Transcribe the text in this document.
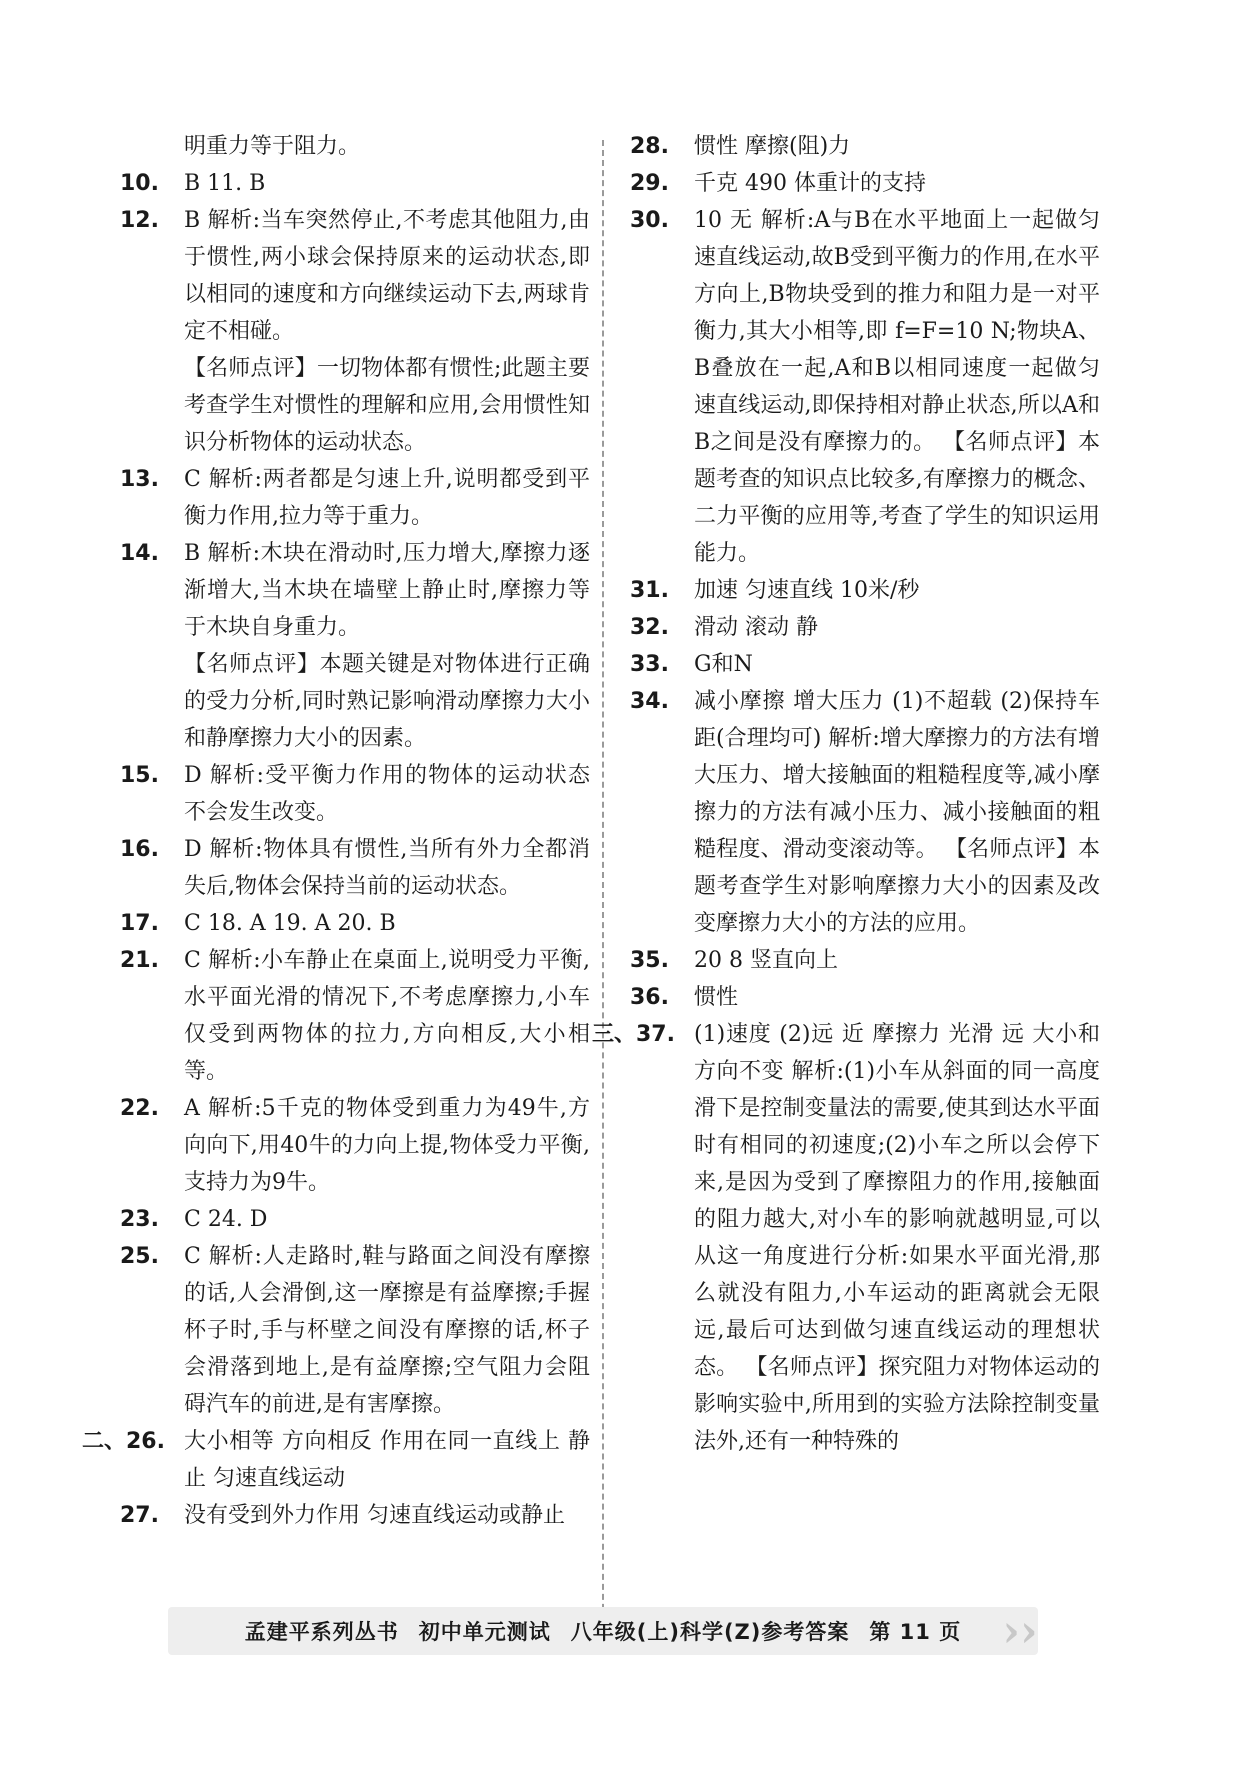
明重力等于阻力。
10.	B 11. B
12.	B 解析:当车突然停止,不考虑其他阻力,由于惯性,两小球会保持原来的运动状态,即以相同的速度和方向继续运动下去,两球肯定不相碰。
【名师点评】一切物体都有惯性;此题主要考查学生对惯性的理解和应用,会用惯性知识分析物体的运动状态。
13.	C 解析:两者都是匀速上升,说明都受到平衡力作用,拉力等于重力。
14.	B 解析:木块在滑动时,压力增大,摩擦力逐渐增大,当木块在墙壁上静止时,摩擦力等于木块自身重力。
【名师点评】本题关键是对物体进行正确的受力分析,同时熟记影响滑动摩擦力大小和静摩擦力大小的因素。
15.	D 解析:受平衡力作用的物体的运动状态不会发生改变。
16.	D 解析:物体具有惯性,当所有外力全都消失后,物体会保持当前的运动状态。
17.	C 18. A 19. A 20. B
21.	C 解析:小车静止在桌面上,说明受力平衡,水平面光滑的情况下,不考虑摩擦力,小车仅受到两物体的拉力,方向相反,大小相等。
22.	A 解析:5千克的物体受到重力为49牛,方向向下,用40牛的力向上提,物体受力平衡,支持力为9牛。
23.	C 24. D
25.	C 解析:人走路时,鞋与路面之间没有摩擦的话,人会滑倒,这一摩擦是有益摩擦;手握杯子时,手与杯壁之间没有摩擦的话,杯子会滑落到地上,是有益摩擦;空气阻力会阻碍汽车的前进,是有害摩擦。
二、26. 大小相等 方向相反 作用在同一直线上 静止 匀速直线运动
27.	没有受到外力作用 匀速直线运动或静止
28.	惯性 摩擦(阻)力
29.	千克 490 体重计的支持
30.	10 无 解析:A与B在水平地面上一起做匀速直线运动,故B受到平衡力的作用,在水平方向上,B物块受到的推力和阻力是一对平衡力,其大小相等,即 f=F=10 N;物块A、B叠放在一起,A和B以相同速度一起做匀速直线运动,即保持相对静止状态,所以A和B之间是没有摩擦力的。 【名师点评】本题考查的知识点比较多,有摩擦力的概念、二力平衡的应用等,考查了学生的知识运用能力。
31.	加速 匀速直线 10米/秒
32.	滑动 滚动 静
33.	G和N
34.	减小摩擦 增大压力 (1)不超载 (2)保持车距(合理均可) 解析:增大摩擦力的方法有增大压力、增大接触面的粗糙程度等,减小摩擦力的方法有减小压力、减小接触面的粗糙程度、滑动变滚动等。 【名师点评】本题考查学生对影响摩擦力大小的因素及改变摩擦力大小的方法的应用。
35.	20 8 竖直向上
36.	惯性
三、37. (1)速度 (2)远 近 摩擦力 光滑 远 大小和方向不变 解析:(1)小车从斜面的同一高度滑下是控制变量法的需要,使其到达水平面时有相同的初速度;(2)小车之所以会停下来,是因为受到了摩擦阻力的作用,接触面的阻力越大,对小车的影响就越明显,可以从这一角度进行分析:如果水平面光滑,那么就没有阻力,小车运动的距离就会无限远,最后可达到做匀速直线运动的理想状态。 【名师点评】探究阻力对物体运动的影响实验中,所用到的实验方法除控制变量法外,还有一种特殊的
孟建平系列丛书 初中单元测试 八年级(上)科学(Z)参考答案 第 11 页 ››
